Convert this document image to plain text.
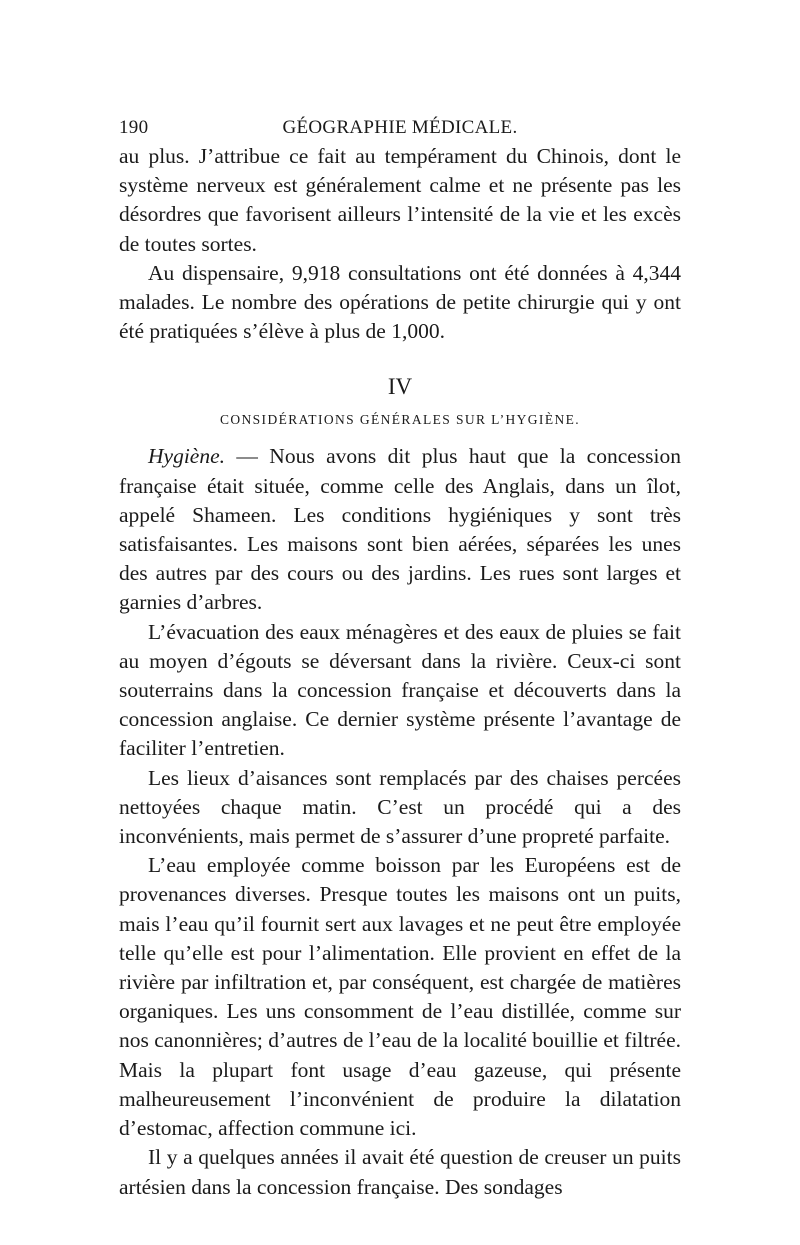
190	GÉOGRAPHIE MÉDICALE.

au plus. J’attribue ce fait au tempérament du Chinois, dont le système nerveux est généralement calme et ne présente pas les désordres que favorisent ailleurs l’intensité de la vie et les excès de toutes sortes.

Au dispensaire, 9,918 consultations ont été données à 4,344 malades. Le nombre des opérations de petite chirurgie qui y ont été pratiquées s’élève à plus de 1,000.

IV
CONSIDÉRATIONS GÉNÉRALES SUR L’HYGIÈNE.

Hygiène. — Nous avons dit plus haut que la concession française était située, comme celle des Anglais, dans un îlot, appelé Shameen. Les conditions hygiéniques y sont très satisfaisantes. Les maisons sont bien aérées, séparées les unes des autres par des cours ou des jardins. Les rues sont larges et garnies d’arbres.

L’évacuation des eaux ménagères et des eaux de pluies se fait au moyen d’égouts se déversant dans la rivière. Ceux-ci sont souterrains dans la concession française et découverts dans la concession anglaise. Ce dernier système présente l’avantage de faciliter l’entretien.

Les lieux d’aisances sont remplacés par des chaises percées nettoyées chaque matin. C’est un procédé qui a des inconvénients, mais permet de s’assurer d’une propreté parfaite.

L’eau employée comme boisson par les Européens est de provenances diverses. Presque toutes les maisons ont un puits, mais l’eau qu’il fournit sert aux lavages et ne peut être employée telle qu’elle est pour l’alimentation. Elle provient en effet de la rivière par infiltration et, par conséquent, est chargée de matières organiques. Les uns consomment de l’eau distillée, comme sur nos canonnières; d’autres de l’eau de la localité bouillie et filtrée. Mais la plupart font usage d’eau gazeuse, qui présente malheureusement l’inconvénient de produire la dilatation d’estomac, affection commune ici.

Il y a quelques années il avait été question de creuser un puits artésien dans la concession française. Des sondages
